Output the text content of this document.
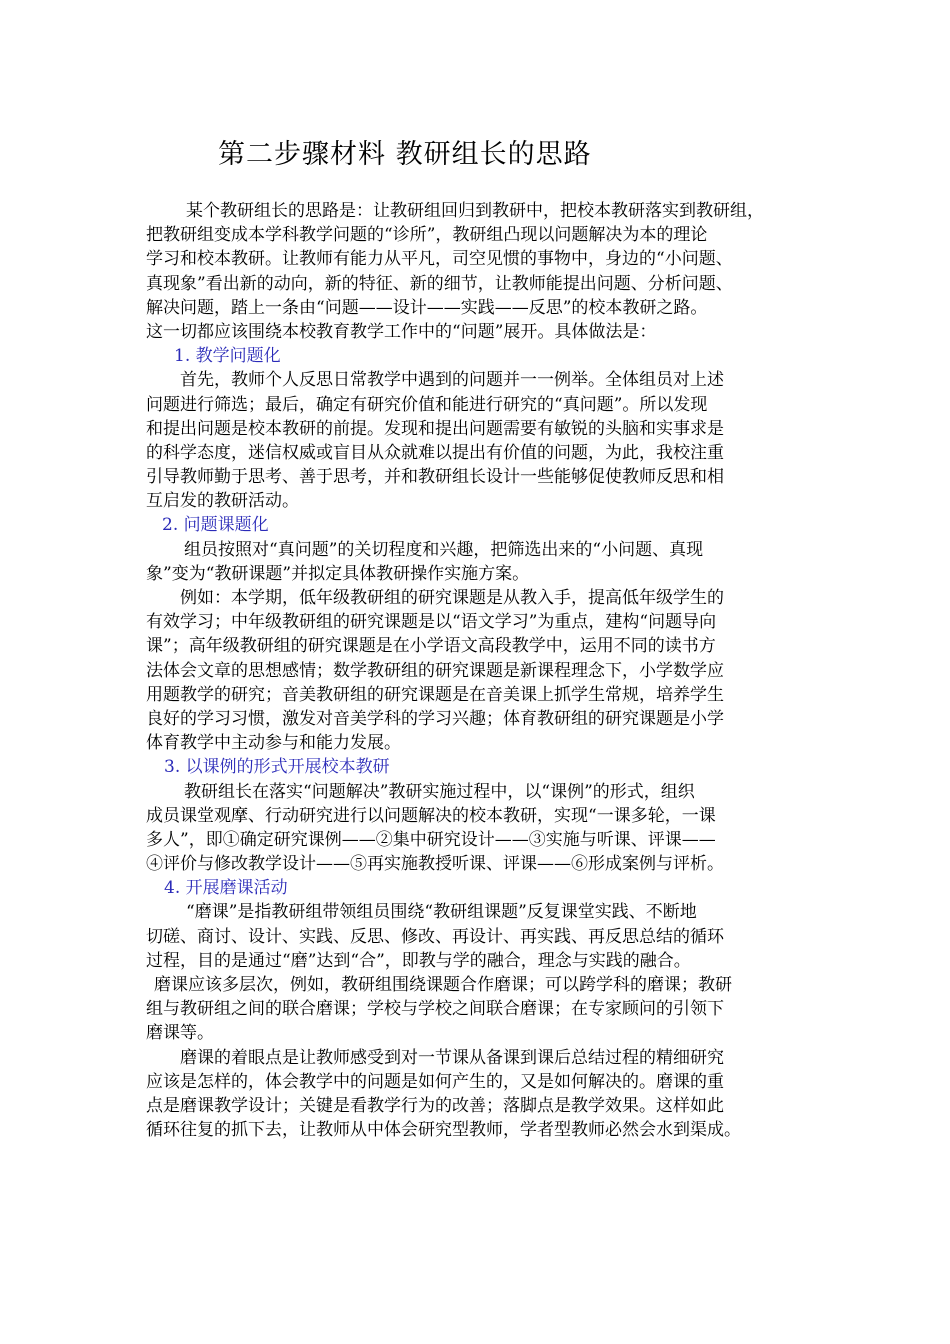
第二步骤材料 教研组长的思路
某个教研组长的思路是：让教研组回归到教研中，把校本教研落实到教研组，
把教研组变成本学科教学问题的“诊所”，教研组凸现以问题解决为本的理论
学习和校本教研。让教师有能力从平凡，司空见惯的事物中，身边的“小问题、
真现象”看出新的动向，新的特征、新的细节，让教师能提出问题、分析问题、
解决问题，踏上一条由“问题——设计——实践——反思”的校本教研之路。
这一切都应该围绕本校教育教学工作中的“问题”展开。具体做法是：
1. 教学问题化
首先，教师个人反思日常教学中遇到的问题并一一例举。全体组员对上述
问题进行筛选；最后，确定有研究价值和能进行研究的“真问题”。所以发现
和提出问题是校本教研的前提。发现和提出问题需要有敏锐的头脑和实事求是
的科学态度，迷信权威或盲目从众就难以提出有价值的问题，为此，我校注重
引导教师勤于思考、善于思考，并和教研组长设计一些能够促使教师反思和相
互启发的教研活动。
2. 问题课题化
组员按照对“真问题”的关切程度和兴趣，把筛选出来的“小问题、真现
象”变为“教研课题”并拟定具体教研操作实施方案。
例如：本学期，低年级教研组的研究课题是从教入手，提高低年级学生的
有效学习；中年级教研组的研究课题是以“语文学习”为重点，建构“问题导向
课”；高年级教研组的研究课题是在小学语文高段教学中，运用不同的读书方
法体会文章的思想感情；数学教研组的研究课题是新课程理念下，小学数学应
用题教学的研究；音美教研组的研究课题是在音美课上抓学生常规，培养学生
良好的学习习惯，激发对音美学科的学习兴趣；体育教研组的研究课题是小学
体育教学中主动参与和能力发展。
3. 以课例的形式开展校本教研
教研组长在落实“问题解决”教研实施过程中，以“课例”的形式，组织
成员课堂观摩、行动研究进行以问题解决的校本教研，实现“一课多轮，一课
多人”，即①确定研究课例——②集中研究设计——③实施与听课、评课——
④评价与修改教学设计——⑤再实施教授听课、评课——⑥形成案例与评析。
4. 开展磨课活动
“磨课”是指教研组带领组员围绕“教研组课题”反复课堂实践、不断地
切磋、商讨、设计、实践、反思、修改、再设计、再实践、再反思总结的循环
过程，目的是通过“磨”达到“合”，即教与学的融合，理念与实践的融合。
磨课应该多层次，例如，教研组围绕课题合作磨课；可以跨学科的磨课；教研
组与教研组之间的联合磨课；学校与学校之间联合磨课；在专家顾问的引领下
磨课等。
磨课的着眼点是让教师感受到对一节课从备课到课后总结过程的精细研究
应该是怎样的，体会教学中的问题是如何产生的，又是如何解决的。磨课的重
点是磨课教学设计；关键是看教学行为的改善；落脚点是教学效果。这样如此
循环往复的抓下去，让教师从中体会研究型教师，学者型教师必然会水到渠成。
